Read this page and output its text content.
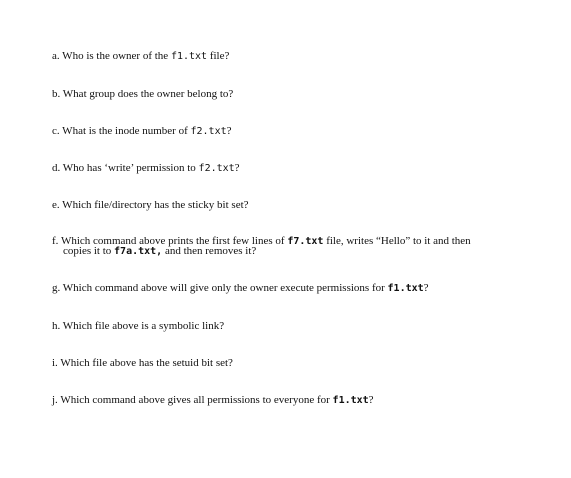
a. Who is the owner of the f1.txt file?
b. What group does the owner belong to?
c. What is the inode number of f2.txt?
d. Who has ‘write’ permission to f2.txt?
e. Which file/directory has the sticky bit set?
f. Which command above prints the first few lines of f7.txt file, writes “Hello” to it and then
copies it to f7a.txt, and then removes it?
g. Which command above will give only the owner execute permissions for f1.txt?
h. Which file above is a symbolic link?
i. Which file above has the setuid bit set?
j. Which command above gives all permissions to everyone for f1.txt?
